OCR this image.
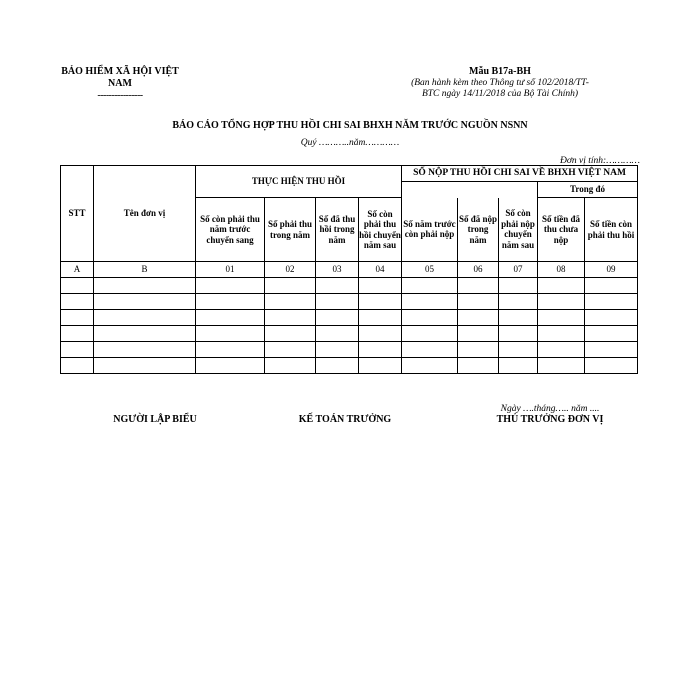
BẢO HIỂM XÃ HỘI VIỆT
NAM
----------------
Mẫu B17a-BH
(Ban hành kèm theo Thông tư số 102/2018/TT-
BTC ngày 14/11/2018 của Bộ Tài Chính)
BÁO CÁO TỔNG HỢP THU HỒI CHI SAI BHXH NĂM TRƯỚC NGUỒN NSNN
Quý ………..năm…………
Đơn vị tính:…………
STT	Tên đơn vị	THỰC HIỆN THU HỒI				SỐ NỘP THU HỒI CHI SAI VỀ BHXH VIỆT NAM				
									Trong đó	
		Số còn phải thu năm trước chuyển sang	Số phải thu trong năm	Số đã thu hồi trong năm	Số còn phải thu hồi chuyển năm sau	Số năm trước còn phải nộp	Số đã nộp trong năm	Số còn phải nộp chuyển năm sau	Số tiền đã thu chưa nộp	Số tiền còn phải thu hồi
A	B	01	02	03	04	05	06	07	08	09

NGƯỜI LẬP BIỂU	KẾ TOÁN TRƯỞNG
Ngày ….tháng….. năm ....
THỦ TRƯỞNG ĐƠN VỊ
